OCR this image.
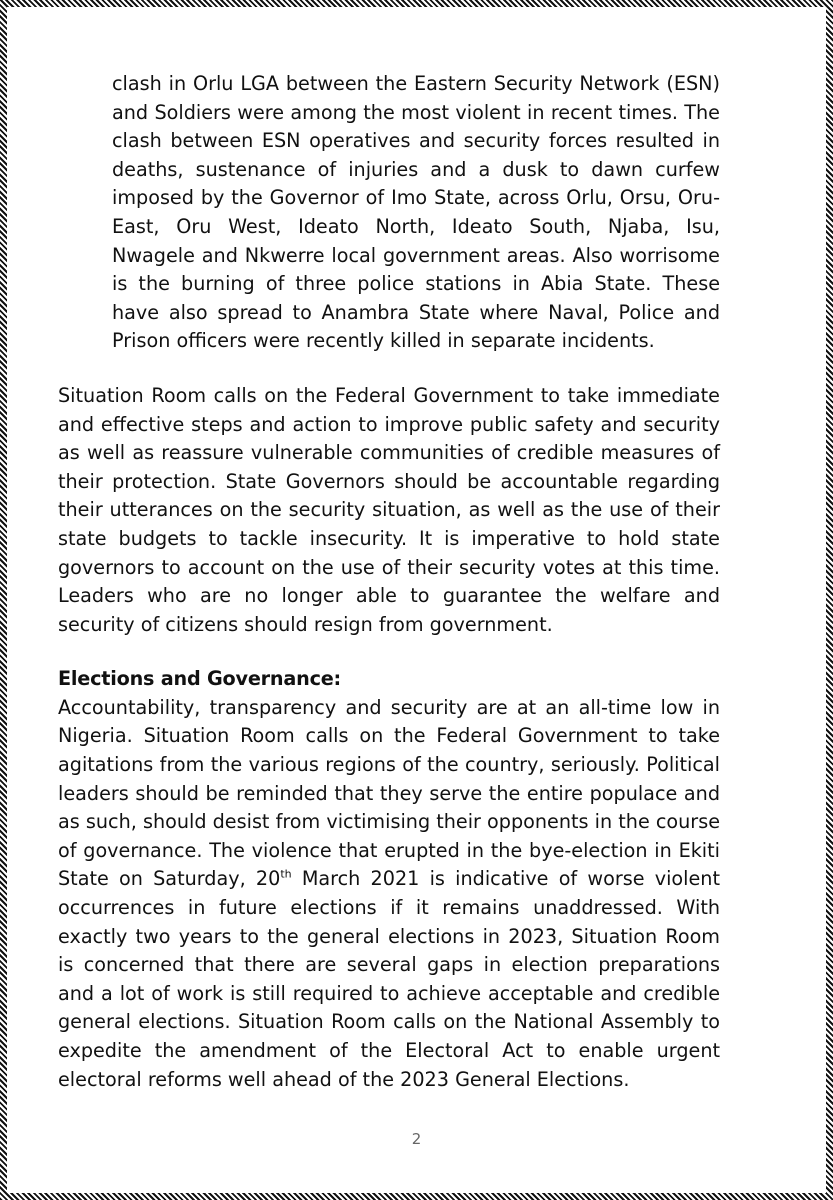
clash in Orlu LGA between the Eastern Security Network (ESN) and Soldiers were among the most violent in recent times. The clash between ESN operatives and security forces resulted in deaths, sustenance of injuries and a dusk to dawn curfew imposed by the Governor of Imo State, across Orlu, Orsu, Oru-East, Oru West, Ideato North, Ideato South, Njaba, Isu, Nwagele and Nkwerre local government areas. Also worrisome is the burning of three police stations in Abia State. These have also spread to Anambra State where Naval, Police and Prison officers were recently killed in separate incidents.

Situation Room calls on the Federal Government to take immediate and effective steps and action to improve public safety and security as well as reassure vulnerable communities of credible measures of their protection. State Governors should be accountable regarding their utterances on the security situation, as well as the use of their state budgets to tackle insecurity. It is imperative to hold state governors to account on the use of their security votes at this time. Leaders who are no longer able to guarantee the welfare and security of citizens should resign from government.

Elections and Governance:

Accountability, transparency and security are at an all-time low in Nigeria. Situation Room calls on the Federal Government to take agitations from the various regions of the country, seriously. Political leaders should be reminded that they serve the entire populace and as such, should desist from victimising their opponents in the course of governance. The violence that erupted in the bye-election in Ekiti State on Saturday, 20th March 2021 is indicative of worse violent occurrences in future elections if it remains unaddressed. With exactly two years to the general elections in 2023, Situation Room is concerned that there are several gaps in election preparations and a lot of work is still required to achieve acceptable and credible general elections. Situation Room calls on the National Assembly to expedite the amendment of the Electoral Act to enable urgent electoral reforms well ahead of the 2023 General Elections.

2
